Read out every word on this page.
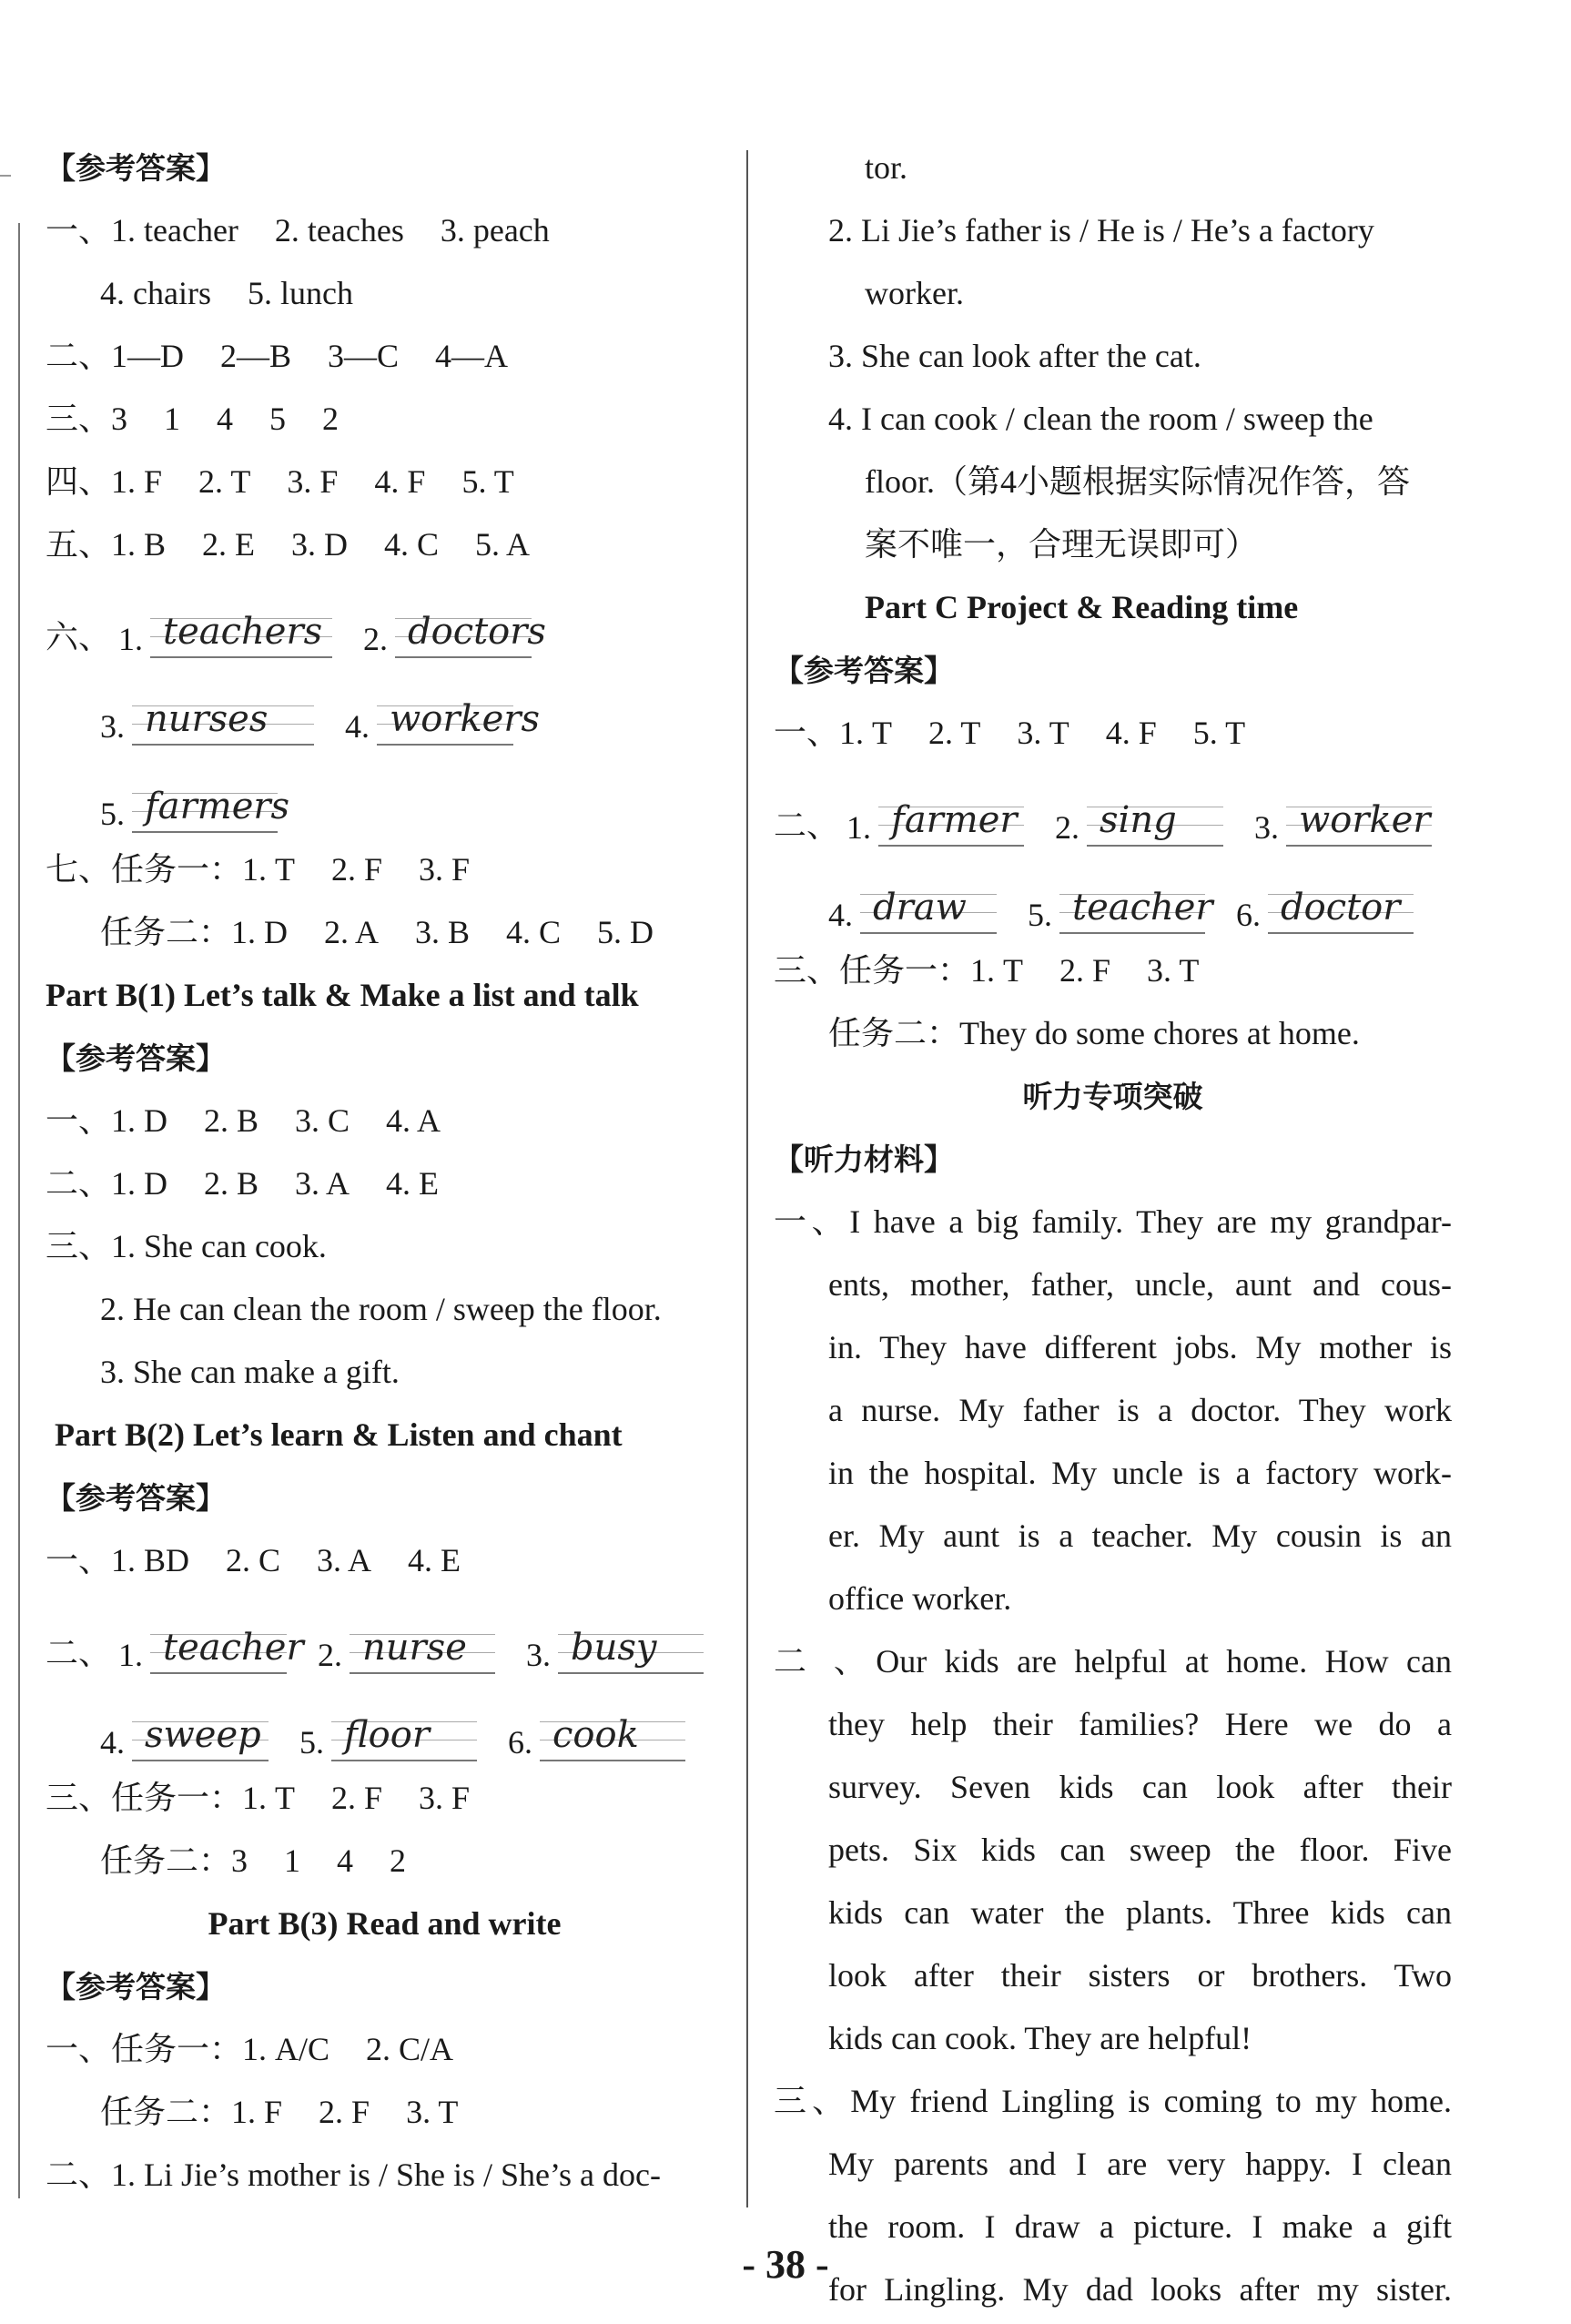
【参考答案】
一、1. teacher 2. teaches 3. peach
4. chairs 5. lunch
二、1—D 2—B 3—C 4—A
三、3 1 4 5 2
四、1. F 2. T 3. F 4. F 5. T
五、1. B 2. E 3. D 4. C 5. A
六、 1. teachers 2. doctors
3. nurses 4. workers
5. farmers
七、任务一：1. T 2. F 3. F
任务二：1. D 2. A 3. B 4. C 5. D
Part B(1) Let’s talk & Make a list and talk
【参考答案】
一、1. D 2. B 3. C 4. A
二、1. D 2. B 3. A 4. E
三、1. She can cook.
2. He can clean the room / sweep the floor.
3. She can make a gift.
Part B(2) Let’s learn & Listen and chant
【参考答案】
一、1. BD 2. C 3. A 4. E
二、 1. teacher 2. nurse 3. busy
4. sweep 5. floor 6. cook
三、任务一：1. T 2. F 3. F
任务二：3 1 4 2
Part B(3) Read and write
【参考答案】
一、任务一：1. A/C 2. C/A
任务二：1. F 2. F 3. T
二、1. Li Jie’s mother is / She is / She’s a doc-
tor.
2. Li Jie’s father is / He is / He’s a factory
worker.
3. She can look after the cat.
4. I can cook / clean the room / sweep the
floor.（第4小题根据实际情况作答，答
案不唯一，合理无误即可）
Part C Project & Reading time
【参考答案】
一、1. T 2. T 3. T 4. F 5. T
二、 1. farmer 2. sing 3. worker
4. draw 5. teacher 6. doctor
三、任务一：1. T 2. F 3. T
任务二：They do some chores at home.
听力专项突破
【听力材料】
一、I have a big family. They are my grandpar-
ents, mother, father, uncle, aunt and cous-
in. They have different jobs. My mother is
a nurse. My father is a doctor. They work
in the hospital. My uncle is a factory work-
er. My aunt is a teacher. My cousin is an
office worker.
二 、Our kids are helpful at home. How can
they help their families? Here we do a
survey. Seven kids can look after their
pets. Six kids can sweep the floor. Five
kids can water the plants. Three kids can
look after their sisters or brothers. Two
kids can cook. They are helpful!
三、My friend Lingling is coming to my home.
My parents and I are very happy. I clean
the room. I draw a picture. I make a gift
for Lingling. My dad looks after my sister.
- 38 -
